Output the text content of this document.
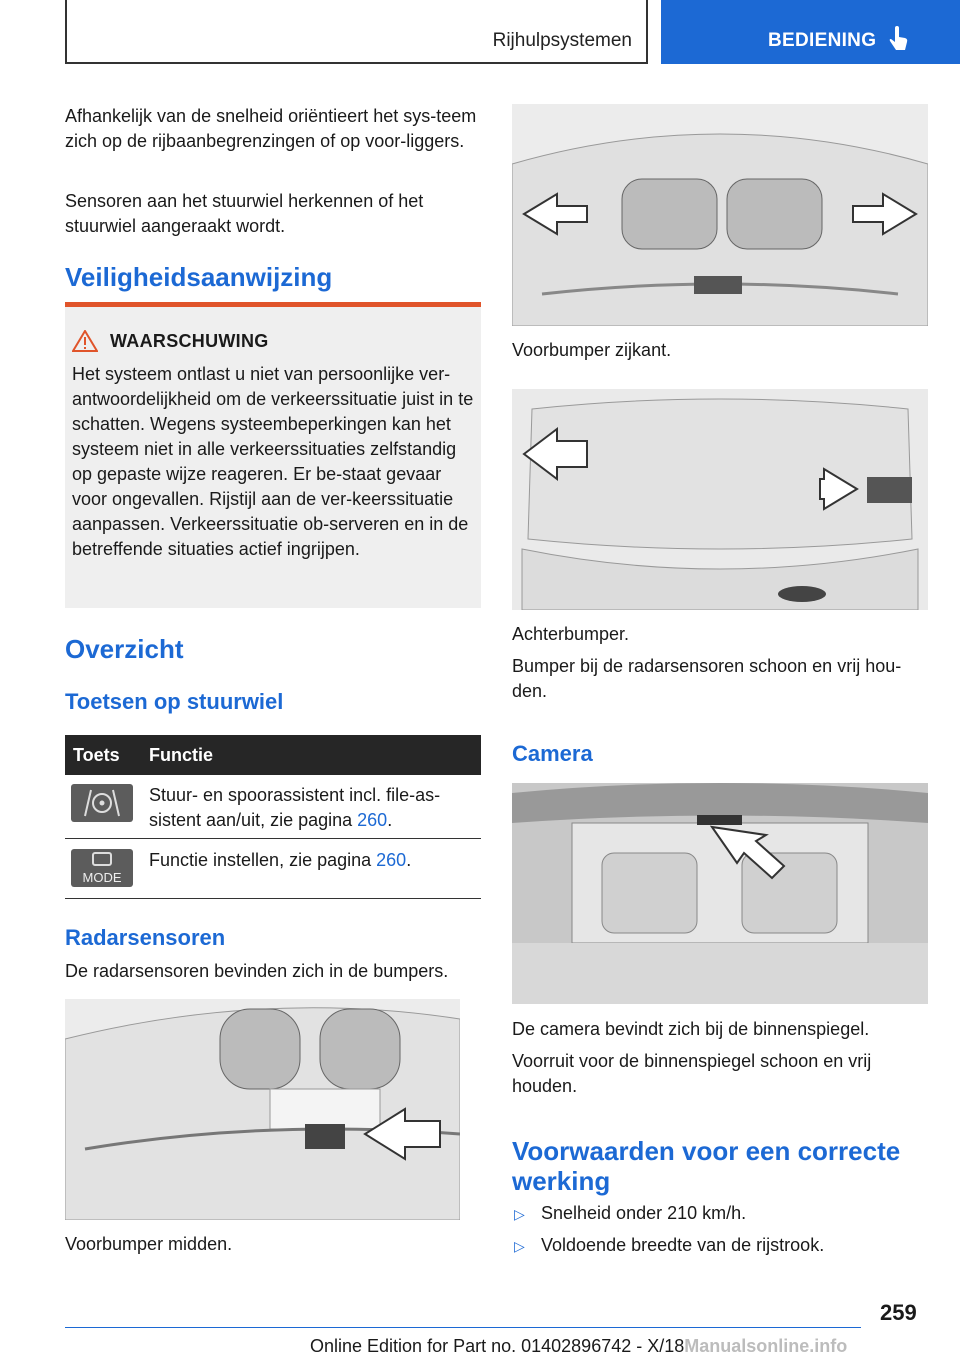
Rijhulpsystemen	BEDIENING

Afhankelijk van de snelheid oriëntieert het sys-teem zich op de rijbaanbegrenzingen of op voor-liggers.

Sensoren aan het stuurwiel herkennen of het stuurwiel aangeraakt wordt.

Veiligheidsaanwijzing
WAARSCHUWING

Het systeem ontlast u niet van persoonlijke ver-antwoordelijkheid om de verkeerssituatie juist in te schatten. Wegens systeembeperkingen kan het systeem niet in alle verkeerssituaties zelfstandig op gepaste wijze reageren. Er be-staat gevaar voor ongevallen. Rijstijl aan de ver-keerssituatie aanpassen. Verkeerssituatie ob-serveren en in de betreffende situaties actief ingrijpen.

Overzicht
Toetsen op stuurwiel
Toets Functie

Stuur- en spoorassistent incl. file-as-sistent aan/uit, zie pagina 260.

MODE

Functie instellen, zie pagina 260.

Radarsensoren

De radarsensoren bevinden zich in de bumpers.

Voorbumper midden.

Voorbumper zijkant.

Achterbumper.

Bumper bij de radarsensoren schoon en vrij hou-den.

Camera

De camera bevindt zich bij de binnenspiegel.

Voorruit voor de binnenspiegel schoon en vrij houden.

Voorwaarden voor een correcte werking
▷ Snelheid onder 210 km/h.

▷ Voldoende breedte van de rijstrook.

259
Online Edition for Part no. 01402896742 - X/18Manualsonline.info
